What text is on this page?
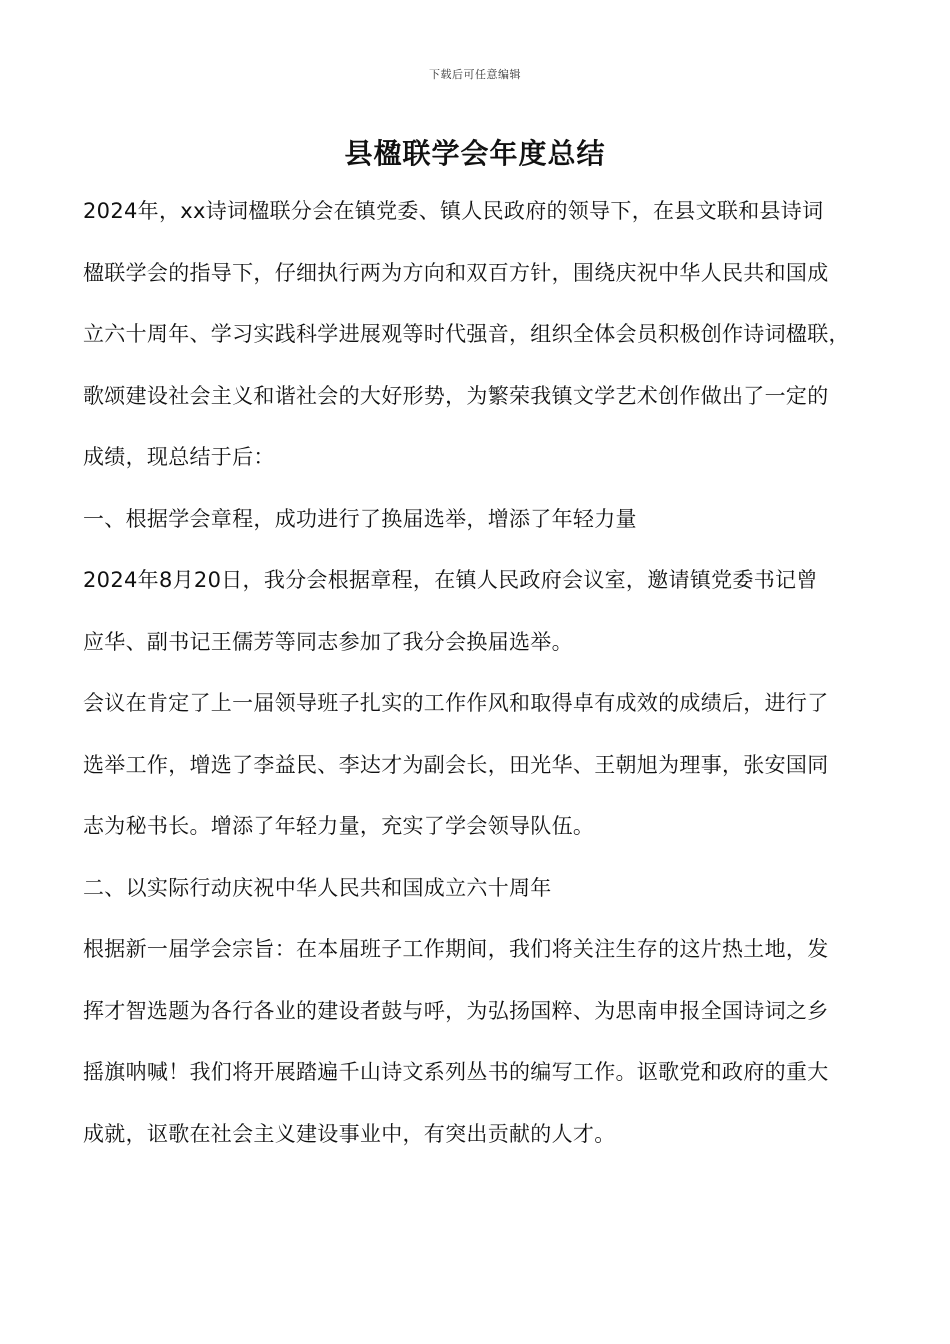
下载后可任意编辑
县楹联学会年度总结
2024年，xx诗词楹联分会在镇党委、镇人民政府的领导下，在县文联和县诗词
楹联学会的指导下，仔细执行两为方向和双百方针，围绕庆祝中华人民共和国成
立六十周年、学习实践科学进展观等时代强音，组织全体会员积极创作诗词楹联，
歌颂建设社会主义和谐社会的大好形势，为繁荣我镇文学艺术创作做出了一定的
成绩，现总结于后：
一、根据学会章程，成功进行了换届选举，增添了年轻力量
2024年8月20日，我分会根据章程，在镇人民政府会议室，邀请镇党委书记曾
应华、副书记王儒芳等同志参加了我分会换届选举。
会议在肯定了上一届领导班子扎实的工作作风和取得卓有成效的成绩后，进行了
选举工作，增选了李益民、李达才为副会长，田光华、王朝旭为理事，张安国同
志为秘书长。增添了年轻力量，充实了学会领导队伍。
二、以实际行动庆祝中华人民共和国成立六十周年
根据新一届学会宗旨：在本届班子工作期间，我们将关注生存的这片热土地，发
挥才智选题为各行各业的建设者鼓与呼，为弘扬国粹、为思南申报全国诗词之乡
摇旗呐喊！我们将开展踏遍千山诗文系列丛书的编写工作。讴歌党和政府的重大
成就，讴歌在社会主义建设事业中，有突出贡献的人才。
